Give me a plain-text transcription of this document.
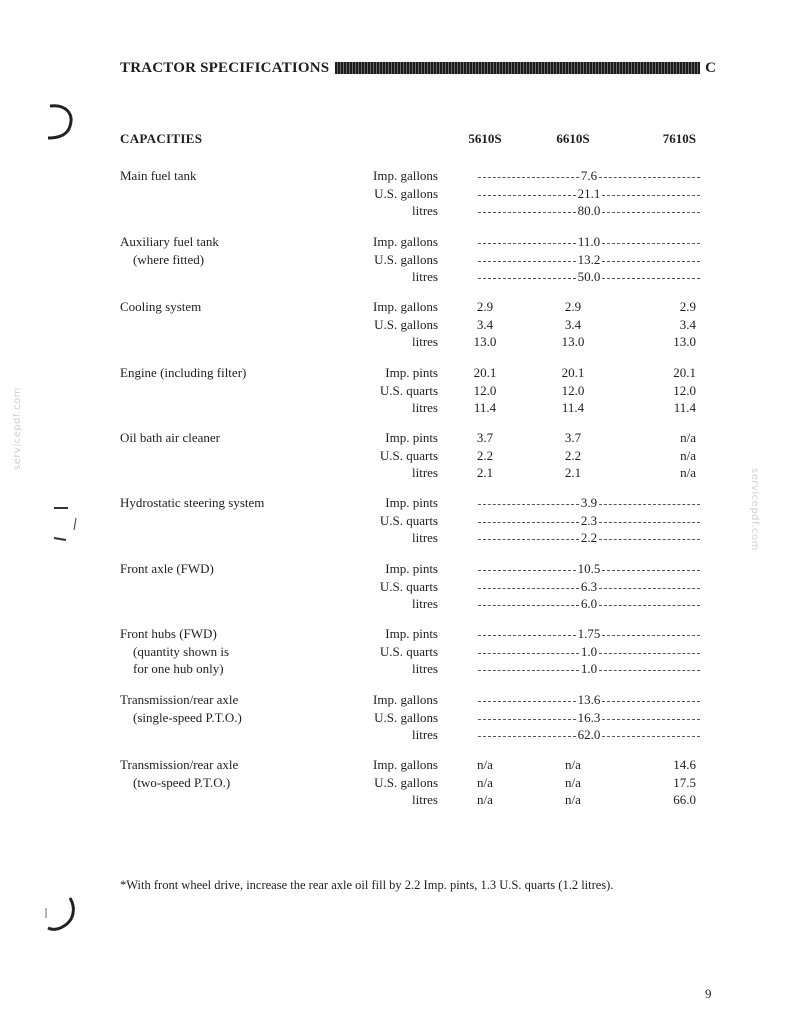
servicepdf.com
servicepdf.com
TRACTOR SPECIFICATIONS	C
CAPACITIES	5610S	6610S	7610S
Main fuel tank	Imp. gallons	7.6
U.S. gallons	21.1
litres	80.0
Auxiliary fuel tank	Imp. gallons	11.0
(where fitted)	U.S. gallons	13.2
litres	50.0
Cooling system	Imp. gallons	2.9	2.9	2.9
U.S. gallons	3.4	3.4	3.4
litres	13.0	13.0	13.0
Engine (including filter)	Imp. pints	20.1	20.1	20.1
U.S. quarts	12.0	12.0	12.0
litres	11.4	11.4	11.4
Oil bath air cleaner	Imp. pints	3.7	3.7	n/a
U.S. quarts	2.2	2.2	n/a
litres	2.1	2.1	n/a
Hydrostatic steering system	Imp. pints	3.9
U.S. quarts	2.3
litres	2.2
Front axle (FWD)	Imp. pints	10.5
U.S. quarts	6.3
litres	6.0
Front hubs (FWD)	Imp. pints	1.75
(quantity shown is	U.S. quarts	1.0
for one hub only)	litres	1.0
Transmission/rear axle	Imp. gallons	13.6
(single-speed P.T.O.)	U.S. gallons	16.3
litres	62.0
Transmission/rear axle	Imp. gallons	n/a	n/a	14.6
(two-speed P.T.O.)	U.S. gallons	n/a	n/a	17.5
litres	n/a	n/a	66.0
*With front wheel drive, increase the rear axle oil fill by 2.2 Imp. pints, 1.3 U.S. quarts (1.2 litres).
9
